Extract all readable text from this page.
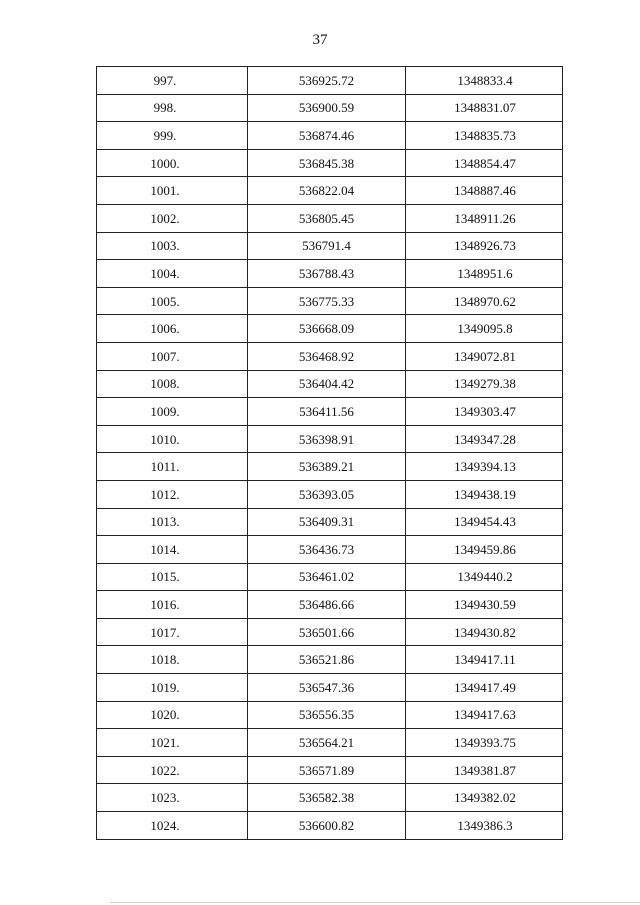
37
997.	536925.72	1348833.4
998.	536900.59	1348831.07
999.	536874.46	1348835.73
1000.	536845.38	1348854.47
1001.	536822.04	1348887.46
1002.	536805.45	1348911.26
1003.	536791.4	1348926.73
1004.	536788.43	1348951.6
1005.	536775.33	1348970.62
1006.	536668.09	1349095.8
1007.	536468.92	1349072.81
1008.	536404.42	1349279.38
1009.	536411.56	1349303.47
1010.	536398.91	1349347.28
1011.	536389.21	1349394.13
1012.	536393.05	1349438.19
1013.	536409.31	1349454.43
1014.	536436.73	1349459.86
1015.	536461.02	1349440.2
1016.	536486.66	1349430.59
1017.	536501.66	1349430.82
1018.	536521.86	1349417.11
1019.	536547.36	1349417.49
1020.	536556.35	1349417.63
1021.	536564.21	1349393.75
1022.	536571.89	1349381.87
1023.	536582.38	1349382.02
1024.	536600.82	1349386.3
